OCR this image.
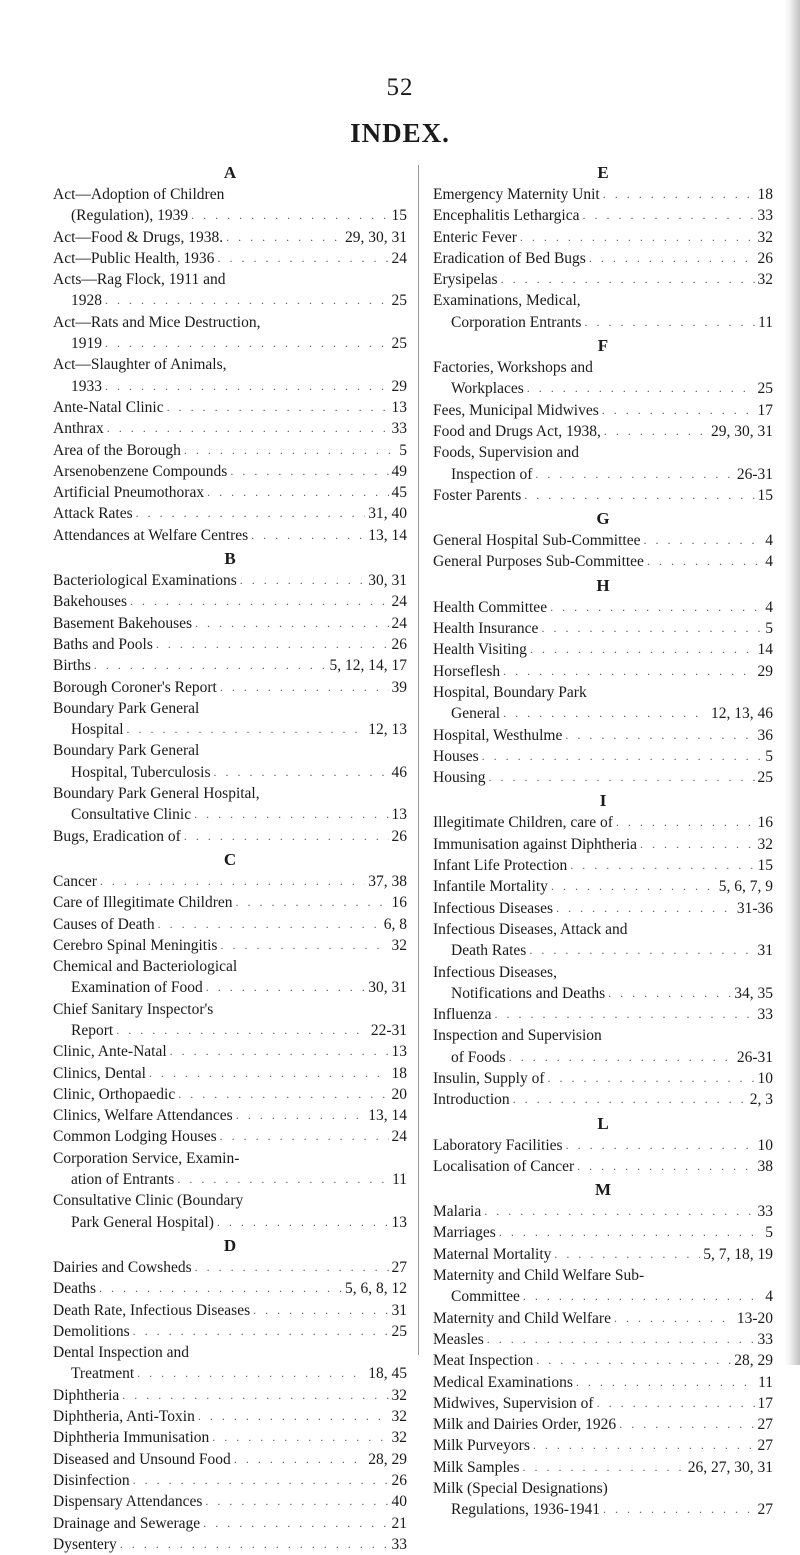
52
INDEX.
A
Act—Adoption of Children
(Regulation), 1939 . . .	15
Act—Food & Drugs, 1938. . . .	29, 30, 31
Act—Public Health, 1936 . . .	24
Acts—Rag Flock, 1911 and
1928 . . .	25
Act—Rats and Mice Destruction,
1919 . . .	25
Act—Slaughter of Animals,
1933 . . .	29
Ante-Natal Clinic . . .	13
Anthrax . . .	33
Area of the Borough . . .	5
Arsenobenzene Compounds . . .	49
Artificial Pneumothorax . . .	45
Attack Rates . . .	31, 40
Attendances at Welfare Centres . . .	13, 14
B
Bacteriological Examinations . . .	30, 31
Bakehouses . . .	24
Basement Bakehouses . . .	24
Baths and Pools . . .	26
Births . . .	5, 12, 14, 17
Borough Coroner's Report . . .	39
Boundary Park General
Hospital . . .	12, 13
Boundary Park General
Hospital, Tuberculosis . . .	46
Boundary Park General Hospital,
Consultative Clinic . . .	13
Bugs, Eradication of . . .	26
C
Cancer . . .	37, 38
Care of Illegitimate Children . . .	16
Causes of Death . . .	6, 8
Cerebro Spinal Meningitis . . .	32
Chemical and Bacteriological
Examination of Food . . .	30, 31
Chief Sanitary Inspector's
Report . . .	22-31
Clinic, Ante-Natal . . .	13
Clinics, Dental . . .	18
Clinic, Orthopaedic . . .	20
Clinics, Welfare Attendances . . .	13, 14
Common Lodging Houses . . .	24
Corporation Service, Examin-
ation of Entrants . . .	11
Consultative Clinic (Boundary
Park General Hospital) . . .	13
D
Dairies and Cowsheds . . .	27
Deaths . . .	5, 6, 8, 12
Death Rate, Infectious Diseases . . .	31
Demolitions . . .	25
Dental Inspection and
Treatment . . .	18, 45
Diphtheria . . .	32
Diphtheria, Anti-Toxin . . .	32
Diphtheria Immunisation . . .	32
Diseased and Unsound Food . . .	28, 29
Disinfection . . .	26
Dispensary Attendances . . .	40
Drainage and Sewerage . . .	21
Dysentery . . .	33
E
Emergency Maternity Unit . . .	18
Encephalitis Lethargica . . .	33
Enteric Fever . . .	32
Eradication of Bed Bugs . . .	26
Erysipelas . . .	32
Examinations, Medical,
Corporation Entrants . . .	11
F
Factories, Workshops and
Workplaces . . .	25
Fees, Municipal Midwives . . .	17
Food and Drugs Act, 1938, . . .	29, 30, 31
Foods, Supervision and
Inspection of . . .	26-31
Foster Parents . . .	15
G
General Hospital Sub-Committee . . .	4
General Purposes Sub-Committee . . .	4
H
Health Committee . . .	4
Health Insurance . . .	5
Health Visiting . . .	14
Horseflesh . . .	29
Hospital, Boundary Park
General . . .	12, 13, 46
Hospital, Westhulme . . .	36
Houses . . .	5
Housing . . .	25
I
Illegitimate Children, care of . . .	16
Immunisation against Diphtheria . . .	32
Infant Life Protection . . .	15
Infantile Mortality . . .	5, 6, 7, 9
Infectious Diseases . . .	31-36
Infectious Diseases, Attack and
Death Rates . . .	31
Infectious Diseases,
Notifications and Deaths . . .	34, 35
Influenza . . .	33
Inspection and Supervision
of Foods . . .	26-31
Insulin, Supply of . . .	10
Introduction . . .	2, 3
L
Laboratory Facilities . . .	10
Localisation of Cancer . . .	38
M
Malaria . . .	33
Marriages . . .	5
Maternal Mortality . . .	5, 7, 18, 19
Maternity and Child Welfare Sub-
Committee . . .	4
Maternity and Child Welfare . . .	13-20
Measles . . .	33
Meat Inspection . . .	28, 29
Medical Examinations . . .	11
Midwives, Supervision of . . .	17
Milk and Dairies Order, 1926 . . .	27
Milk Purveyors . . .	27
Milk Samples . . .	26, 27, 30, 31
Milk (Special Designations)
Regulations, 1936-1941 . . .	27
